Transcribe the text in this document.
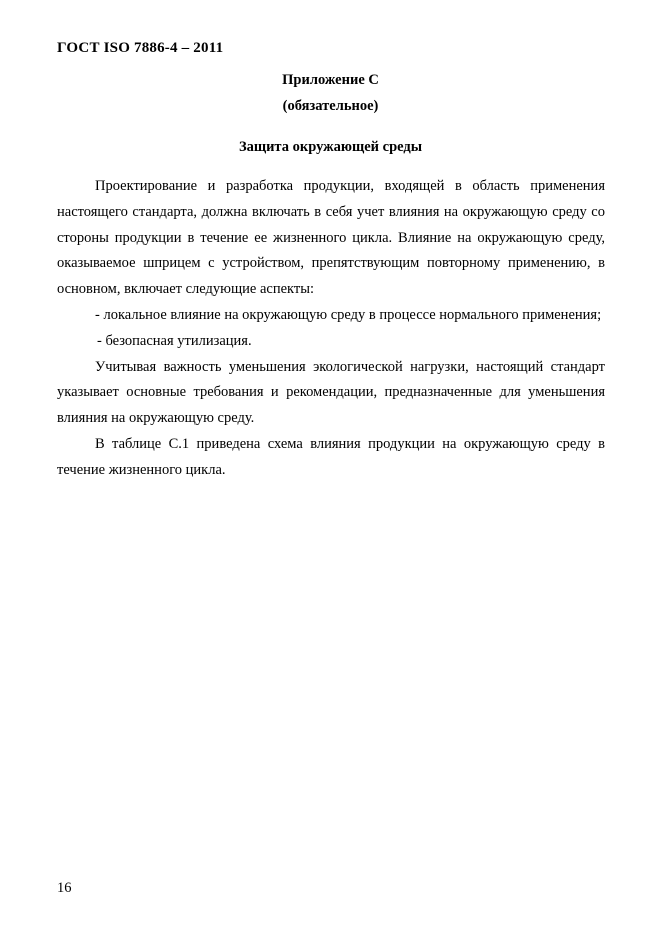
ГОСТ ISO 7886-4 – 2011
Приложение С
(обязательное)
Защита окружающей среды

Проектирование и разработка продукции, входящей в область применения настоящего стандарта, должна включать в себя учет влияния на окружающую среду со стороны продукции в течение ее жизненного цикла. Влияние на окружающую среду, оказываемое шприцем с устройством, препятствующим повторному применению, в основном, включает следующие аспекты:

- локальное влияние на окружающую среду в процессе нормального применения;

- безопасная утилизация.

Учитывая важность уменьшения экологической нагрузки, настоящий стандарт указывает основные требования и рекомендации, предназначенные для уменьшения влияния на окружающую среду.

В таблице С.1 приведена схема влияния продукции на окружающую среду в течение жизненного цикла.

16
